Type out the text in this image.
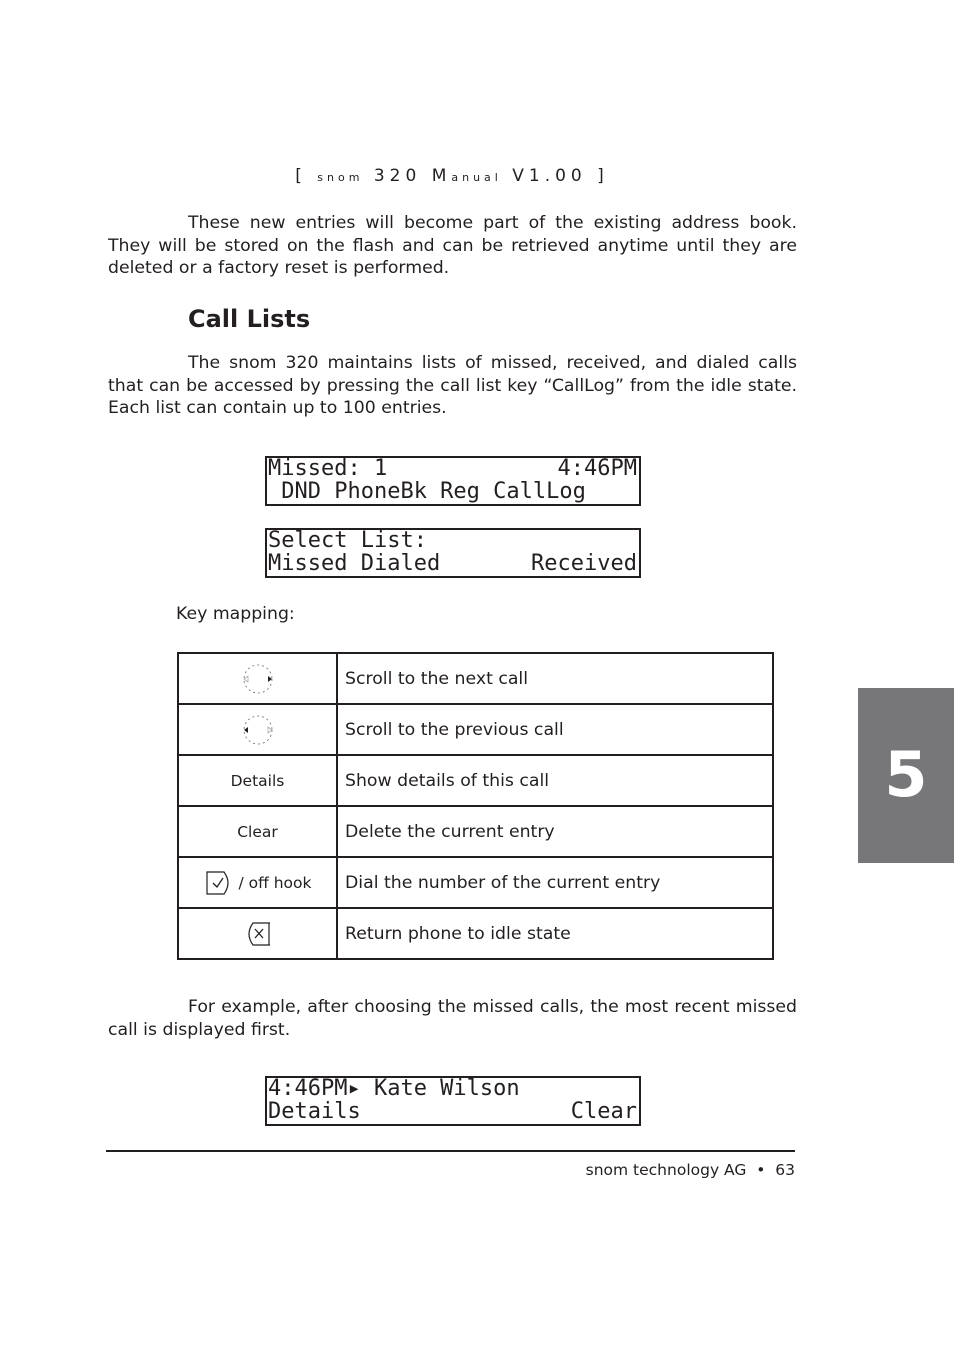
[ snom 320 Manual V1.00 ]

These new entries will become part of the existing address book. They will be stored on the flash and can be retrieved anytime until they are deleted or a factory reset is performed.

Call Lists

The snom 320 maintains lists of missed, received, and dialed calls that can be accessed by pressing the call list key “CallLog” from the idle state. Each list can contain up to 100 entries.

Missed: 1	4:46PM
DND PhoneBk Reg CallLog
Select List:
Missed Dialed	Received
Key mapping:
	Scroll to the next call
	Scroll to the previous call
Details	Show details of this call
Clear	Delete the current entry
/ off hook	Dial the number of the current entry
	Return phone to idle state

For example, after choosing the missed calls, the most recent missed call is displayed first.

4:46PM▸ Kate Wilson
Details	Clear
snom technology AG • 63
5
